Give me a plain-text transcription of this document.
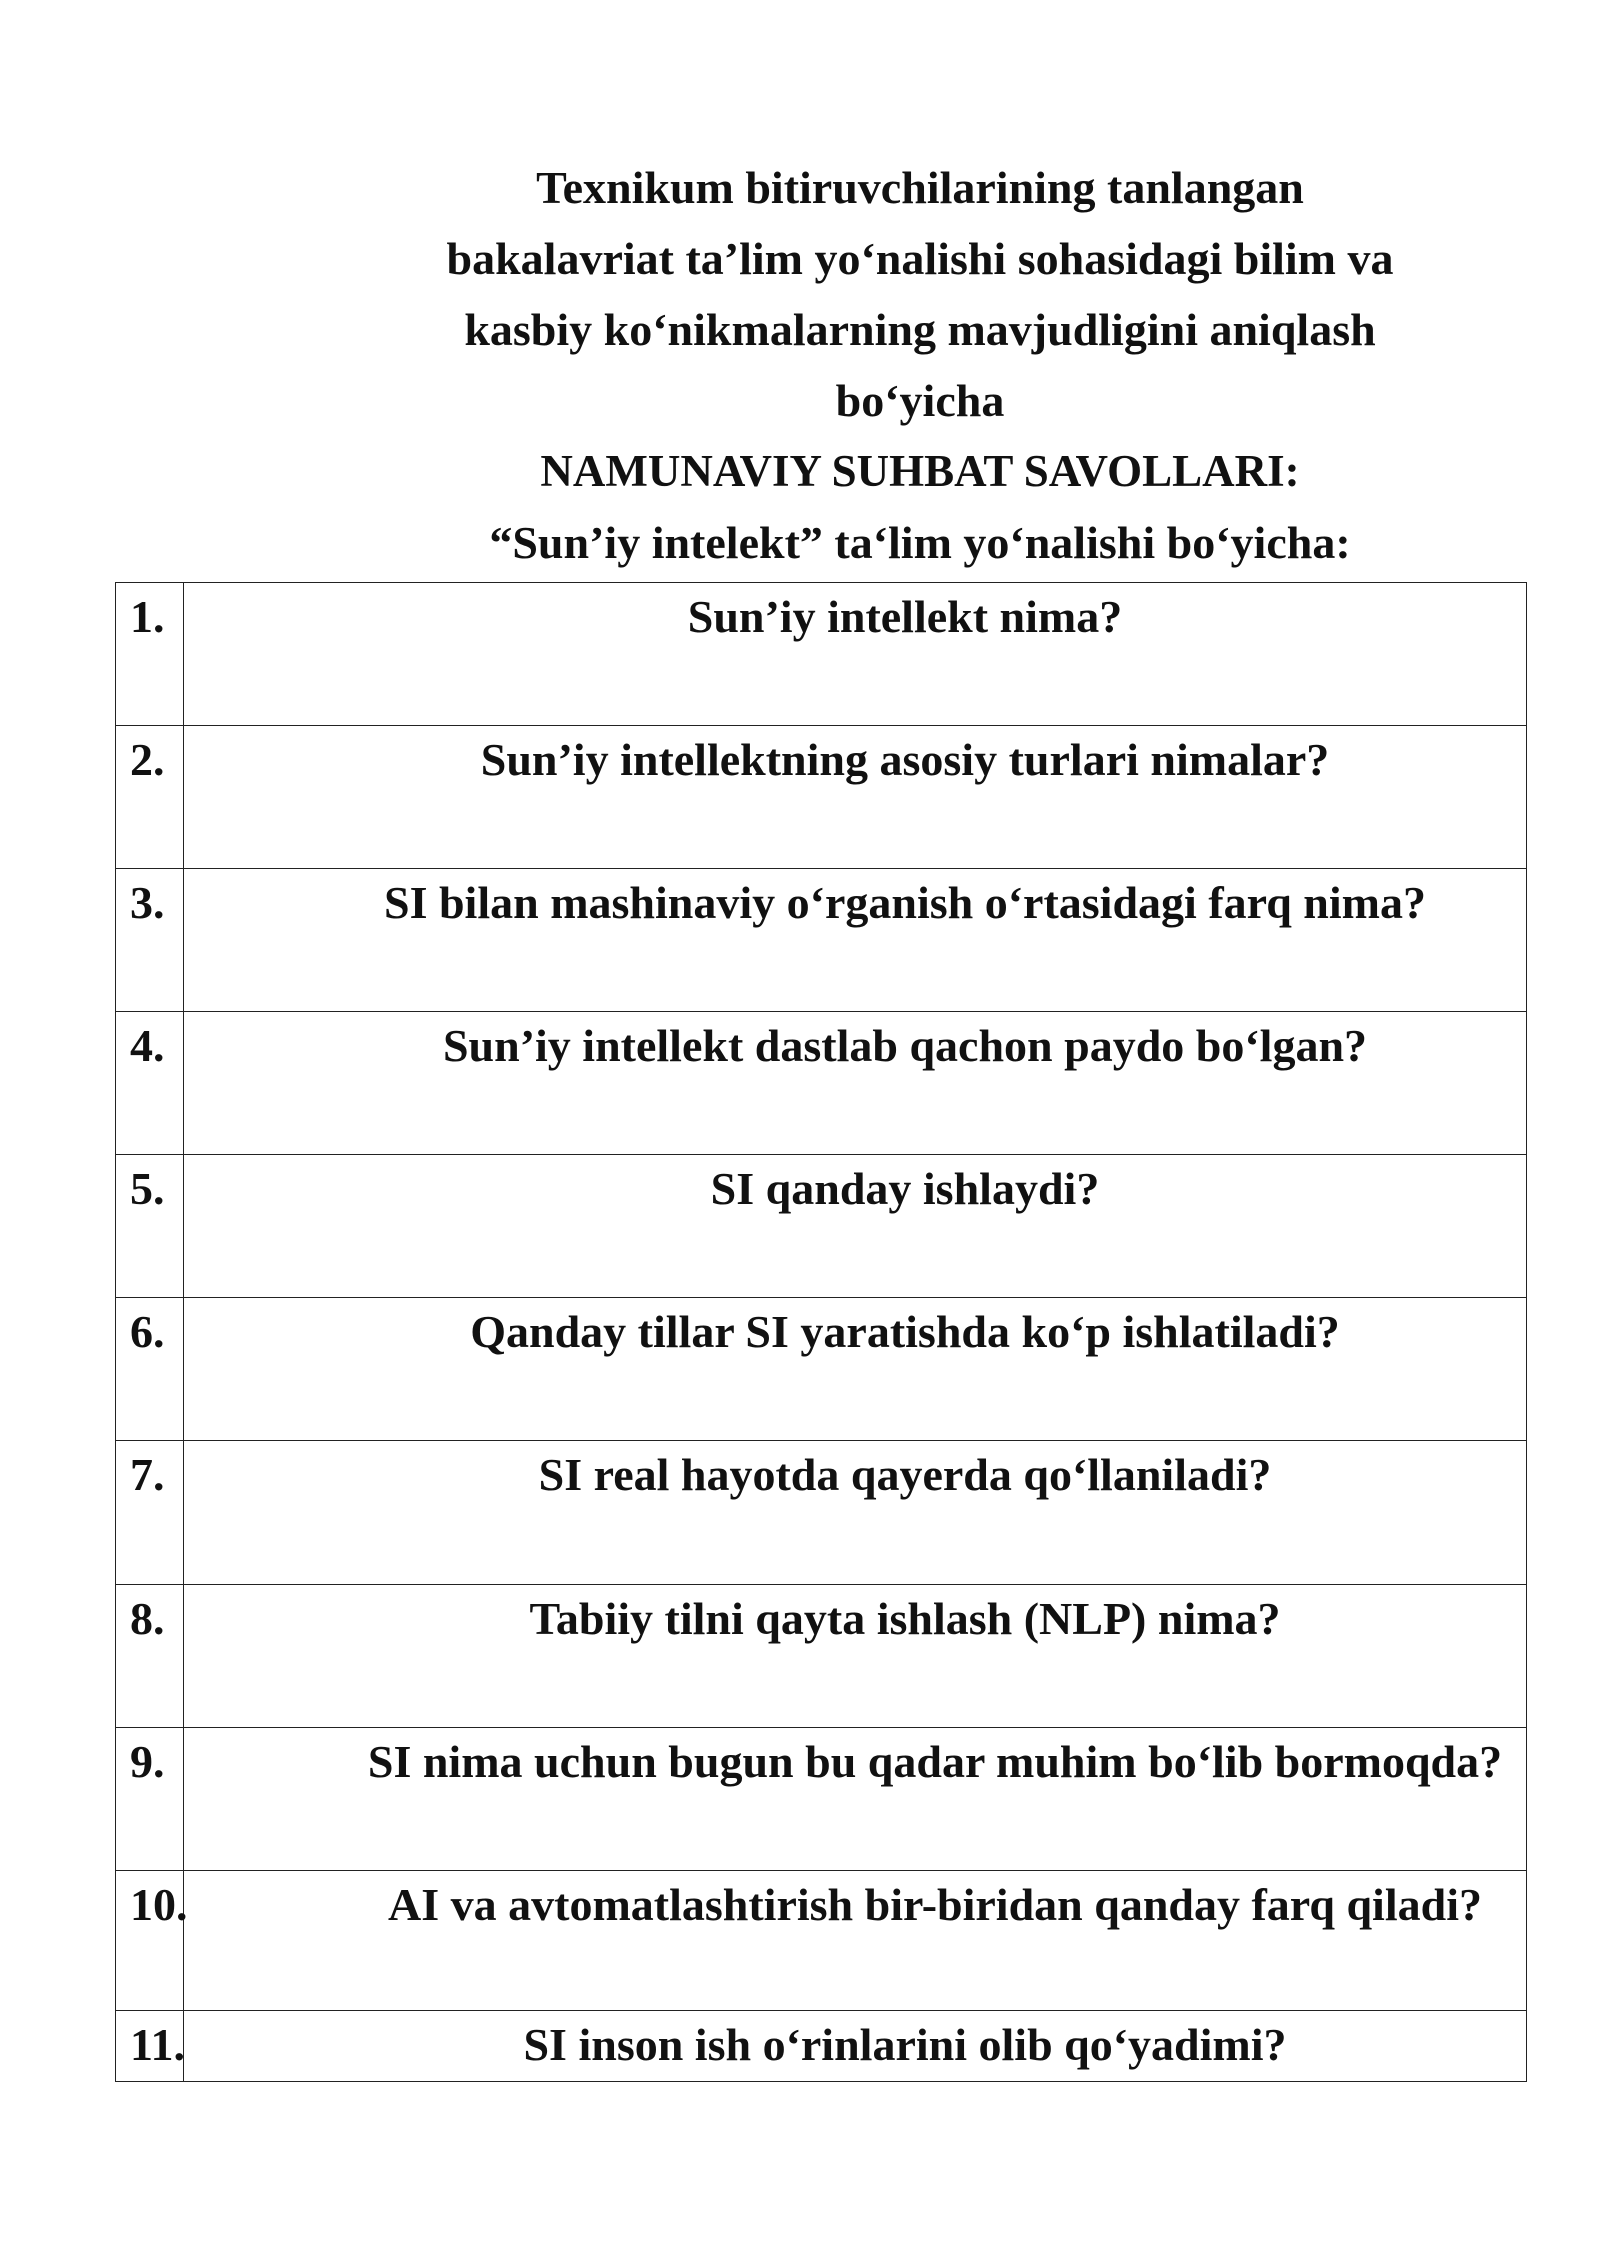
Texnikum bitiruvchilarining tanlangan
bakalavriat ta’lim yo‘nalishi sohasidagi bilim va
kasbiy ko‘nikmalarning mavjudligini aniqlash
bo‘yicha
NAMUNAVIY SUHBAT SAVOLLARI:
“Sun’iy intelekt” ta‘lim yo‘nalishi bo‘yicha:
1.	Sun’iy intellekt nima?
2.	Sun’iy intellektning asosiy turlari nimalar?
3.	SI bilan mashinaviy o‘rganish o‘rtasidagi farq nima?
4.	Sun’iy intellekt dastlab qachon paydo bo‘lgan?
5.	SI qanday ishlaydi?
6.	Qanday tillar SI yaratishda ko‘p ishlatiladi?
7.	SI real hayotda qayerda qo‘llaniladi?
8.	Tabiiy tilni qayta ishlash (NLP) nima?
9.	SI nima uchun bugun bu qadar muhim bo‘lib bormoqda?
10.	AI va avtomatlashtirish bir-biridan qanday farq qiladi?
11.	SI inson ish o‘rinlarini olib qo‘yadimi?
